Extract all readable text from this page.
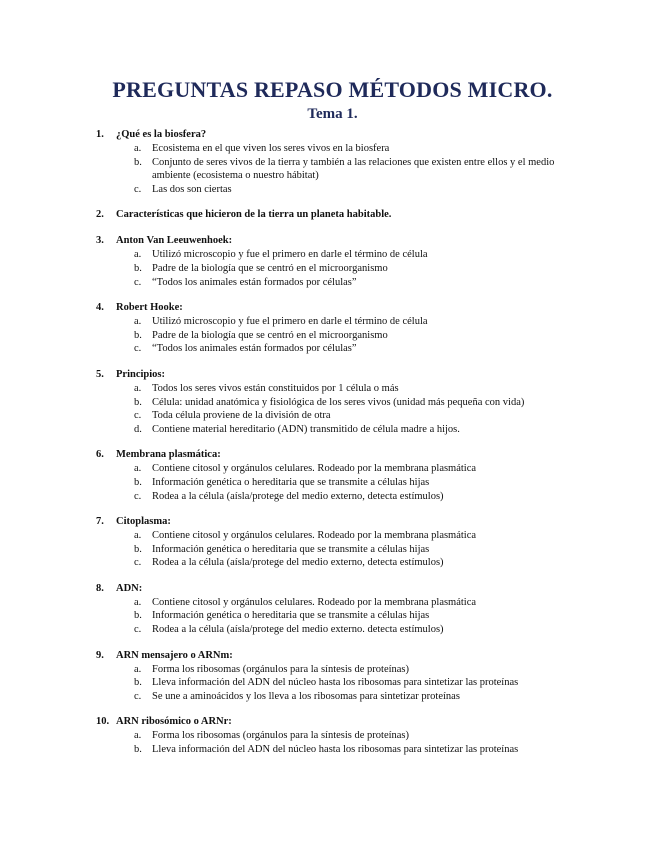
PREGUNTAS REPASO MÉTODOS MICRO.
Tema 1.
1.	¿Qué es la biosfera?
a.	Ecosistema en el que viven los seres vivos en la biosfera
b. Conjunto de seres vivos de la tierra y también a las relaciones que existen entre ellos y el medio ambiente (ecosistema o nuestro hábitat)
c.	Las dos son ciertas
2.	Características que hicieron de la tierra un planeta habitable.
3.	Anton Van Leeuwenhoek:
a.	Utilizó microscopio y fue el primero en darle el término de célula
b. Padre de la biología que se centró en el microorganismo
c.	“Todos los animales están formados por células”
4.	Robert Hooke:
a.	Utilizó microscopio y fue el primero en darle el término de célula
b. Padre de la biología que se centró en el microorganismo
c.	“Todos los animales están formados por células”
5.	Principios:
a.	Todos los seres vivos están constituidos por 1 célula o más
b. Célula: unidad anatómica y fisiológica de los seres vivos (unidad más pequeña con vida)
c.	Toda célula proviene de la división de otra
d. Contiene material hereditario (ADN) transmitido de célula madre a hijos.
6.	Membrana plasmática:
a.	Contiene citosol y orgánulos celulares. Rodeado por la membrana plasmática
b. Información genética o hereditaria que se transmite a células hijas
c.	Rodea a la célula (aísla/protege del medio externo, detecta estímulos)
7.	Citoplasma:
a.	Contiene citosol y orgánulos celulares. Rodeado por la membrana plasmática
b. Información genética o hereditaria que se transmite a células hijas
c.	Rodea a la célula (aísla/protege del medio externo, detecta estímulos)
8.	ADN:
a.	Contiene citosol y orgánulos celulares. Rodeado por la membrana plasmática
b. Información genética o hereditaria que se transmite a células hijas
c.	Rodea a la célula (aísla/protege del medio externo. detecta estímulos)
9.	ARN mensajero o ARNm:
a.	Forma los ribosomas (orgánulos para la síntesis de proteínas)
b. Lleva información del ADN del núcleo hasta los ribosomas para sintetizar las proteínas
c.	Se une a aminoácidos y los lleva a los ribosomas para sintetizar proteínas
10. ARN ribosómico o ARNr:
a.	Forma los ribosomas (orgánulos para la síntesis de proteínas)
b. Lleva información del ADN del núcleo hasta los ribosomas para sintetizar las proteínas
